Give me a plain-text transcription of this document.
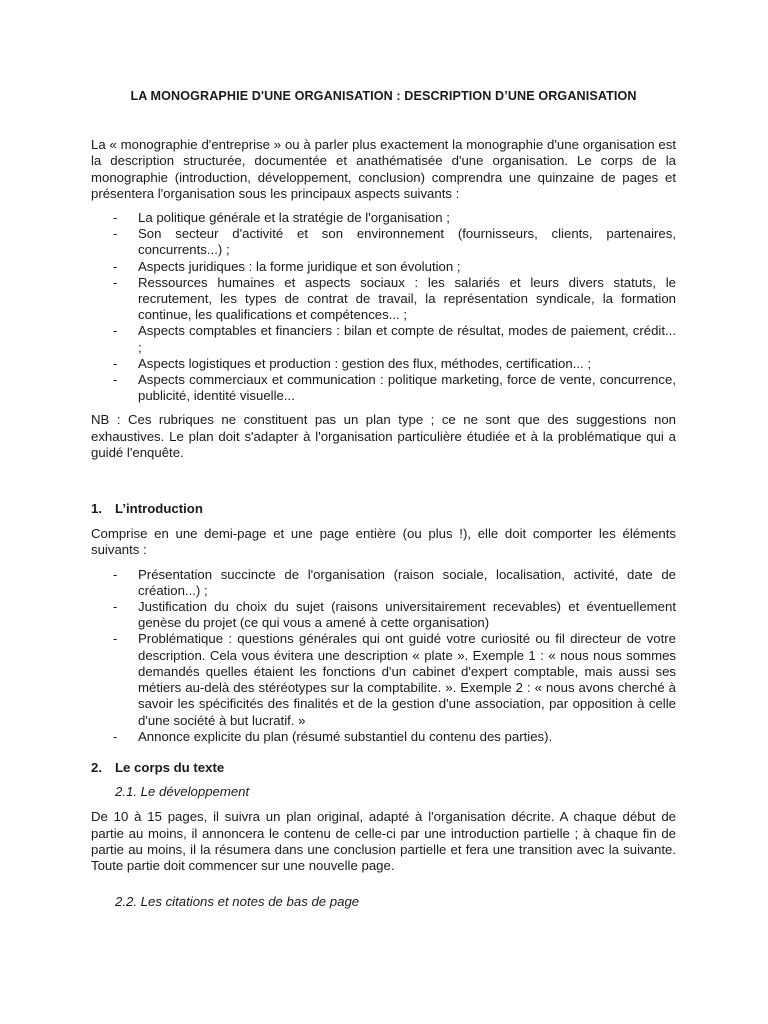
LA MONOGRAPHIE D'UNE ORGANISATION : DESCRIPTION D’UNE ORGANISATION

La « monographie d'entreprise » ou à parler plus exactement la monographie d'une organisation est la description structurée, documentée et anathématisée d'une organisation. Le corps de la monographie (introduction, développement, conclusion) comprendra une quinzaine de pages et présentera l'organisation sous les principaux aspects suivants :

- La politique générale et la stratégie de l'organisation ;
- Son secteur d'activité et son environnement (fournisseurs, clients, partenaires, concurrents...) ;
- Aspects juridiques : la forme juridique et son évolution ;
- Ressources humaines et aspects sociaux : les salariés et leurs divers statuts, le recrutement, les types de contrat de travail, la représentation syndicale, la formation continue, les qualifications et compétences... ;
- Aspects comptables et financiers : bilan et compte de résultat, modes de paiement, crédit... ;
- Aspects logistiques et production : gestion des flux, méthodes, certification... ;
- Aspects commerciaux et communication : politique marketing, force de vente, concurrence, publicité, identité visuelle...

NB : Ces rubriques ne constituent pas un plan type ; ce ne sont que des suggestions non exhaustives. Le plan doit s'adapter à l'organisation particulière étudiée et à la problématique qui a guidé l'enquête.

1. L’introduction

Comprise en une demi-page et une page entière (ou plus !), elle doit comporter les éléments suivants :

- Présentation succincte de l'organisation (raison sociale, localisation, activité, date de création...) ;
- Justification du choix du sujet (raisons universitairement recevables) et éventuellement genèse du projet (ce qui vous a amené à cette organisation)
- Problématique : questions générales qui ont guidé votre curiosité ou fil directeur de votre description. Cela vous évitera une description « plate ». Exemple 1 : « nous nous sommes demandés quelles étaient les fonctions d'un cabinet d'expert comptable, mais aussi ses métiers au-delà des stéréotypes sur la comptabilite. ». Exemple 2 : « nous avons cherché à savoir les spécificités des finalités et de la gestion d'une association, par opposition à celle d'une société à but lucratif. »
- Annonce explicite du plan (résumé substantiel du contenu des parties).

2. Le corps du texte

2.1. Le développement

De 10 à 15 pages, il suivra un plan original, adapté à l'organisation décrite. A chaque début de partie au moins, il annoncera le contenu de celle-ci par une introduction partielle ; à chaque fin de partie au moins, il la résumera dans une conclusion partielle et fera une transition avec la suivante. Toute partie doit commencer sur une nouvelle page.

2.2. Les citations et notes de bas de page
